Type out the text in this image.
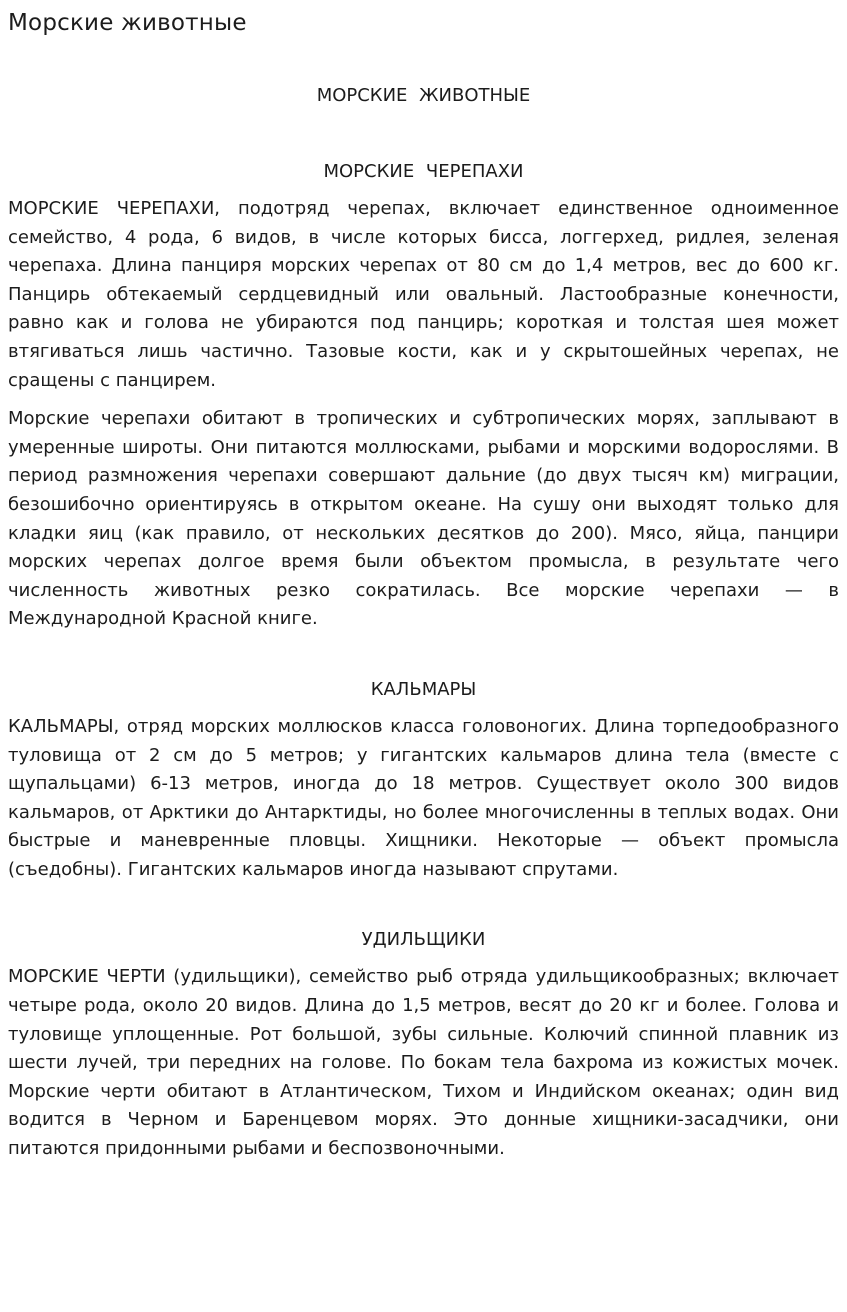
Морские животные
МОРСКИЕ ЖИВОТНЫЕ
МОРСКИЕ ЧЕРЕПАХИ

МОРСКИЕ ЧЕРЕПАХИ, подотряд черепах, включает единственное одноименное семейство, 4 рода, 6 видов, в числе которых бисса, логгерхед, ридлея, зеленая черепаха. Длина панциря морских черепах от 80 см до 1,4 метров, вес до 600 кг. Панцирь обтекаемый сердцевидный или овальный. Ластообразные конечности, равно как и голова не убираются под панцирь; короткая и толстая шея может втягиваться лишь частично. Тазовые кости, как и у скрытошейных черепах, не сращены с панцирем.

Морские черепахи обитают в тропических и субтропических морях, заплывают в умеренные широты. Они питаются моллюсками, рыбами и морскими водорослями. В период размножения черепахи совершают дальние (до двух тысяч км) миграции, безошибочно ориентируясь в открытом океане. На сушу они выходят только для кладки яиц (как правило, от нескольких десятков до 200). Мясо, яйца, панцири морских черепах долгое время были объектом промысла, в результате чего численность животных резко сократилась. Все морские черепахи — в Международной Красной книге.

КАЛЬМАРЫ

КАЛЬМАРЫ, отряд морских моллюсков класса головоногих. Длина торпедообразного туловища от 2 см до 5 метров; у гигантских кальмаров длина тела (вместе с щупальцами) 6-13 метров, иногда до 18 метров. Существует около 300 видов кальмаров, от Арктики до Антарктиды, но более многочисленны в теплых водах. Они быстрые и маневренные пловцы. Хищники. Некоторые — объект промысла (съедобны). Гигантских кальмаров иногда называют спрутами.

УДИЛЬЩИКИ

МОРСКИЕ ЧЕРТИ (удильщики), семейство рыб отряда удильщикообразных; включает четыре рода, около 20 видов. Длина до 1,5 метров, весят до 20 кг и более. Голова и туловище уплощенные. Рот большой, зубы сильные. Колючий спинной плавник из шести лучей, три передних на голове. По бокам тела бахрома из кожистых мочек. Морские черти обитают в Атлантическом, Тихом и Индийском океанах; один вид водится в Черном и Баренцевом морях. Это донные хищники-засадчики, они питаются придонными рыбами и беспозвоночными.
